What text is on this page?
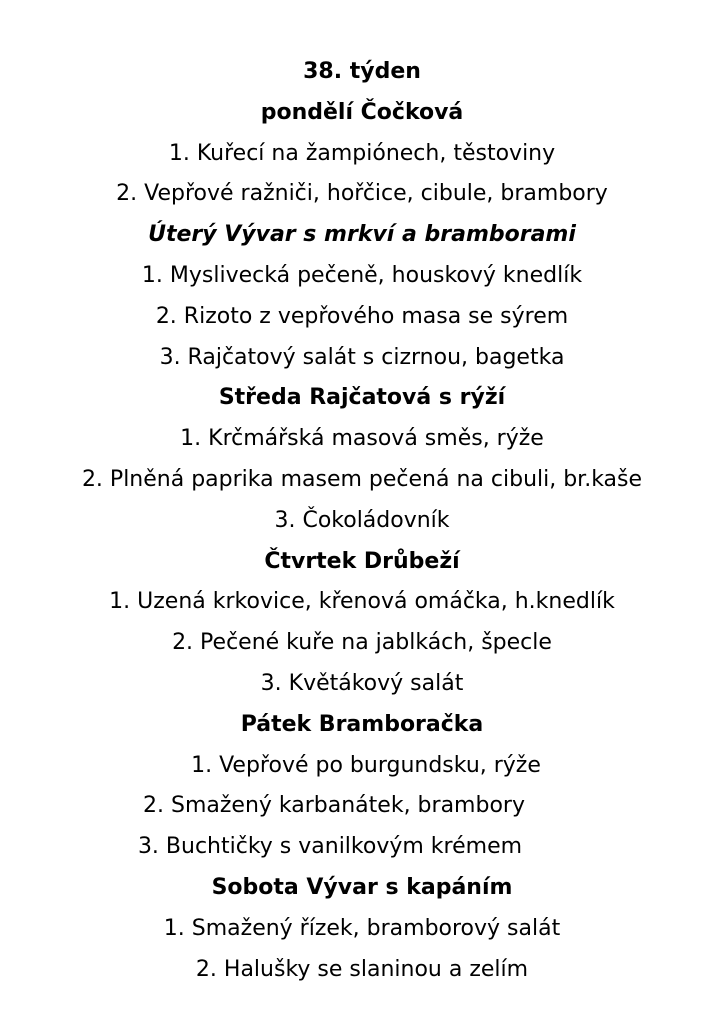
38. týden
pondělí Čočková
1. Kuřecí na žampiónech, těstoviny
2. Vepřové ražniči, hořčice, cibule, brambory
Úterý Vývar s mrkví a bramborami
1. Myslivecká pečeně, houskový knedlík
2. Rizoto z vepřového masa se sýrem
3. Rajčatový salát s cizrnou, bagetka
Středa Rajčatová s rýží
1. Krčmářská masová směs, rýže
2. Plněná paprika masem pečená na cibuli, br.kaše
3. Čokoládovník
Čtvrtek Drůbeží
1. Uzená krkovice, křenová omáčka, h.knedlík
2. Pečené kuře na jablkách, špecle
3. Květákový salát
Pátek Bramboračka
1. Vepřové po burgundsku, rýže
2. Smažený karbanátek, brambory
3. Buchtičky s vanilkovým krémem
Sobota Vývar s kapáním
1. Smažený řízek, bramborový salát
2. Halušky se slaninou a zelím
